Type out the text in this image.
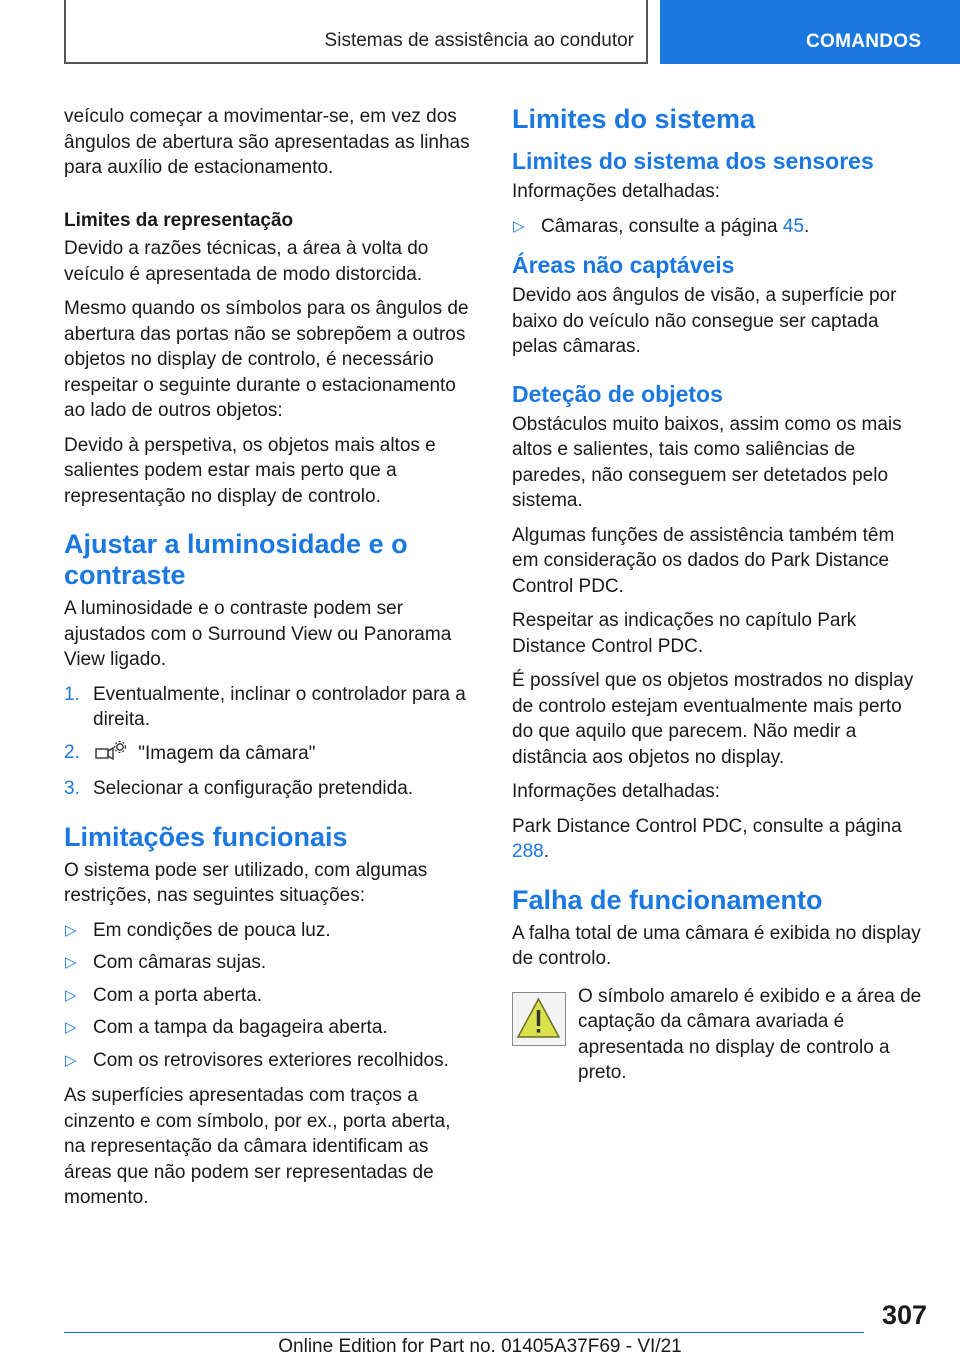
Sistemas de assistência ao condutor	COMANDOS

veículo começar a movimentar-se, em vez dos ângulos de abertura são apresentadas as linhas para auxílio de estacionamento.

Limites da representação

Devido a razões técnicas, a área à volta do veículo é apresentada de modo distorcida.

Mesmo quando os símbolos para os ângulos de abertura das portas não se sobrepõem a outros objetos no display de controlo, é necessário respeitar o seguinte durante o estacionamento ao lado de outros objetos:

Devido à perspetiva, os objetos mais altos e salientes podem estar mais perto que a representação no display de controlo.

Ajustar a luminosidade e o contraste

A luminosidade e o contraste podem ser ajustados com o Surround View ou Panorama View ligado.

1. Eventualmente, inclinar o controlador para a direita.
2.	"Imagem da câmara"
3. Selecionar a configuração pretendida.
Limitações funcionais

O sistema pode ser utilizado, com algumas restrições, nas seguintes situações:

▷ Em condições de pouca luz.
▷ Com câmaras sujas.
▷ Com a porta aberta.
▷ Com a tampa da bagageira aberta.
▷ Com os retrovisores exteriores recolhidos.

As superfícies apresentadas com traços a cinzento e com símbolo, por ex., porta aberta, na representação da câmara identificam as áreas que não podem ser representadas de momento.

Limites do sistema
Limites do sistema dos sensores

Informações detalhadas:

▷ Câmaras, consulte a página 45.
Áreas não captáveis

Devido aos ângulos de visão, a superfície por baixo do veículo não consegue ser captada pelas câmaras.

Deteção de objetos

Obstáculos muito baixos, assim como os mais altos e salientes, tais como saliências de paredes, não conseguem ser detetados pelo sistema.

Algumas funções de assistência também têm em consideração os dados do Park Distance Control PDC.

Respeitar as indicações no capítulo Park Distance Control PDC.

É possível que os objetos mostrados no display de controlo estejam eventualmente mais perto do que aquilo que parecem. Não medir a distância aos objetos no display.

Informações detalhadas:

Park Distance Control PDC, consulte a página 288.

Falha de funcionamento

A falha total de uma câmara é exibida no display de controlo.

O símbolo amarelo é exibido e a área de captação da câmara avariada é apresentada no display de controlo a preto.

307
Online Edition for Part no. 01405A37F69 - VI/21
